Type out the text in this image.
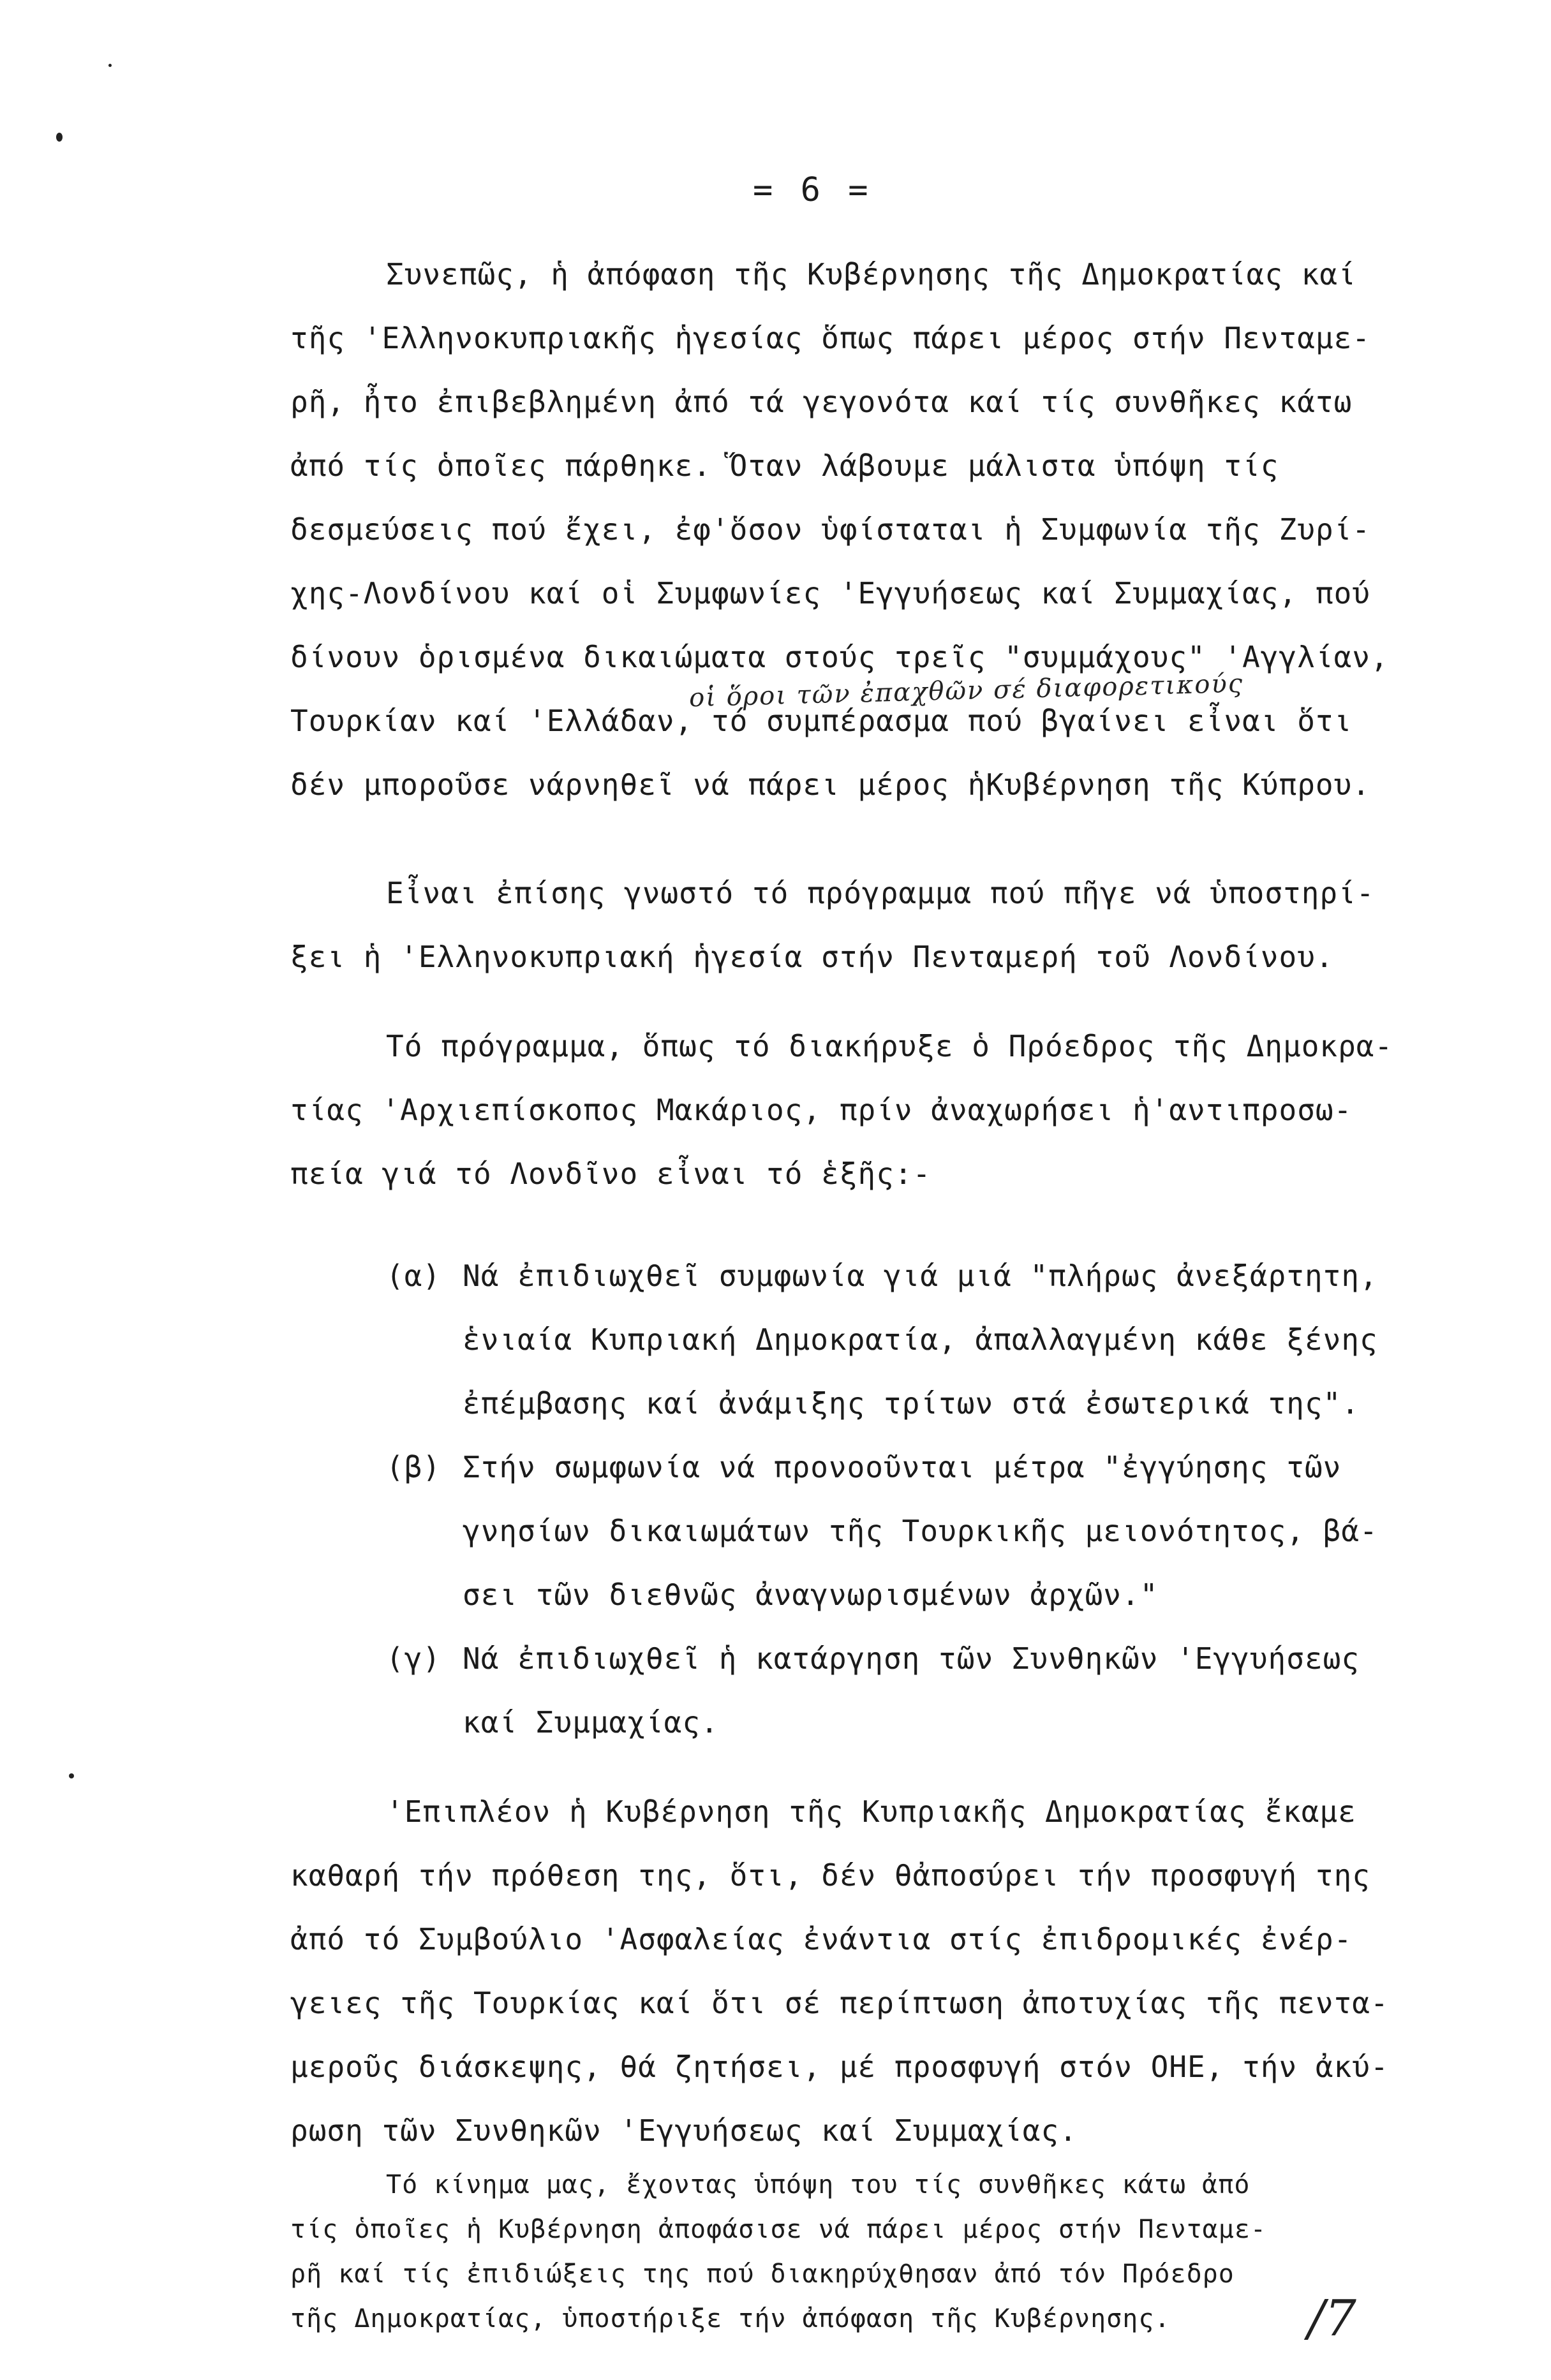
= 6 =
Συνεπῶς, ἡ ἀπόφαση τῆς Κυβέρνησης τῆς Δημοκρατίας καί
τῆς 'Ελληνοκυπριακῆς ἡγεσίας ὅπως πάρει μέρος στήν Πενταμε-
ρῆ, ἦτο ἐπιβεβλημένη ἀπό τά γεγονότα καί τίς συνθῆκες κάτω
ἀπό τίς ὁποῖες πάρθηκε. Ὅταν λάβουμε μάλιστα ὑπόψη τίς
δεσμεύσεις πού ἔχει, ἐφ'ὅσον ὑφίσταται ἡ Συμφωνία τῆς Ζυρί-
χης-Λονδίνου καί οἱ Συμφωνίες 'Εγγυήσεως καί Συμμαχίας, πού
δίνουν ὁρισμένα δικαιώματα στούς τρεῖς "συμμάχους" 'Αγγλίαν,
Τουρκίαν καί 'Ελλάδαν, τό συμπέρασμα πού βγαίνει εἶναι ὅτι
δέν μποροῦσε νάρνηθεῖ νά πάρει μέρος ἡΚυβέρνηση τῆς Κύπρου.
οἱ ὅροι τῶν ἐπαχθῶν σέ διαφορετικούς
Εἶναι ἐπίσης γνωστό τό πρόγραμμα πού πῆγε νά ὑποστηρί-
ξει ἡ 'Ελληνοκυπριακή ἡγεσία στήν Πενταμερή τοῦ Λονδίνου.
Τό πρόγραμμα, ὅπως τό διακήρυξε ὁ Πρόεδρος τῆς Δημοκρα-
τίας 'Αρχιεπίσκοπος Μακάριος, πρίν ἀναχωρήσει ἡ'αντιπροσω-
πεία γιά τό Λονδῖνο εἶναι τό ἑξῆς:-
(α) Νά ἐπιδιωχθεῖ συμφωνία γιά μιά "πλήρως ἀνεξάρτητη,
ἑνιαία Κυπριακή Δημοκρατία, ἀπαλλαγμένη κάθε ξένης
ἐπέμβασης καί ἀνάμιξης τρίτων στά ἐσωτερικά της".
(β) Στήν σωμφωνία νά προνοοῦνται μέτρα "ἐγγύησης τῶν
γνησίων δικαιωμάτων τῆς Τουρκικῆς μειονότητος, βά-
σει τῶν διεθνῶς ἀναγνωρισμένων ἀρχῶν."
(γ) Νά ἐπιδιωχθεῖ ἡ κατάργηση τῶν Συνθηκῶν 'Εγγυήσεως
καί Συμμαχίας.
'Επιπλέον ἡ Κυβέρνηση τῆς Κυπριακῆς Δημοκρατίας ἔκαμε
καθαρή τήν πρόθεση της, ὅτι, δέν θἀποσύρει τήν προσφυγή της
ἀπό τό Συμβούλιο 'Ασφαλείας ἐνάντια στίς ἐπιδρομικές ἐνέρ-
γειες τῆς Τουρκίας καί ὅτι σέ περίπτωση ἀποτυχίας τῆς πεντα-
μεροῦς διάσκεψης, θά ζητήσει, μέ προσφυγή στόν ΟΗΕ, τήν ἀκύ-
ρωση τῶν Συνθηκῶν 'Εγγυήσεως καί Συμμαχίας.
Τό κίνημα μας, ἔχοντας ὑπόψη του τίς συνθῆκες κάτω ἀπό
τίς ὁποῖες ἡ Κυβέρνηση ἀποφάσισε νά πάρει μέρος στήν Πενταμε-
ρῆ καί τίς ἐπιδιώξεις της πού διακηρύχθησαν ἀπό τόν Πρόεδρο
τῆς Δημοκρατίας, ὑποστήριξε τήν ἀπόφαση τῆς Κυβέρνησης.	/7
